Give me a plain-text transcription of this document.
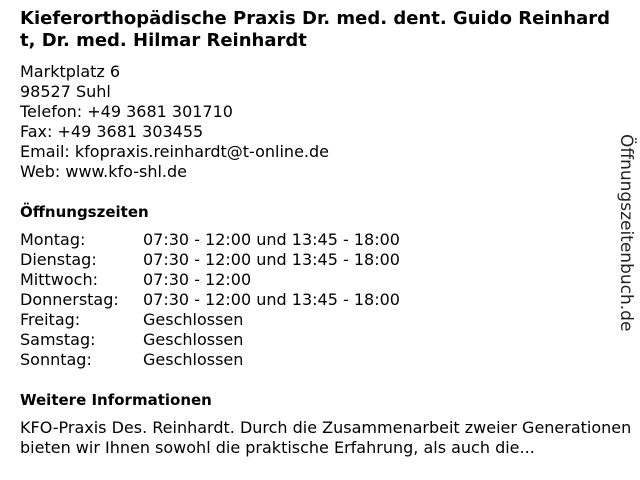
Kieferorthopädische Praxis Dr. med. dent. Guido Reinhardt, Dr. med. Hilmar Reinhardt
Marktplatz 6
98527 Suhl
Telefon: +49 3681 301710
Fax: +49 3681 303455
Email: kfopraxis.reinhardt@t-online.de
Web: www.kfo-shl.de
Öffnungszeiten
Montag:	07:30 - 12:00 und 13:45 - 18:00
Dienstag:	07:30 - 12:00 und 13:45 - 18:00
Mittwoch:	07:30 - 12:00
Donnerstag:	07:30 - 12:00 und 13:45 - 18:00
Freitag:	Geschlossen
Samstag:	Geschlossen
Sonntag:	Geschlossen
Weitere Informationen
KFO-Praxis Des. Reinhardt. Durch die Zusammenarbeit zweier Generationen bieten wir Ihnen sowohl die praktische Erfahrung, als auch die...
Öffnungszeitenbuch.de
